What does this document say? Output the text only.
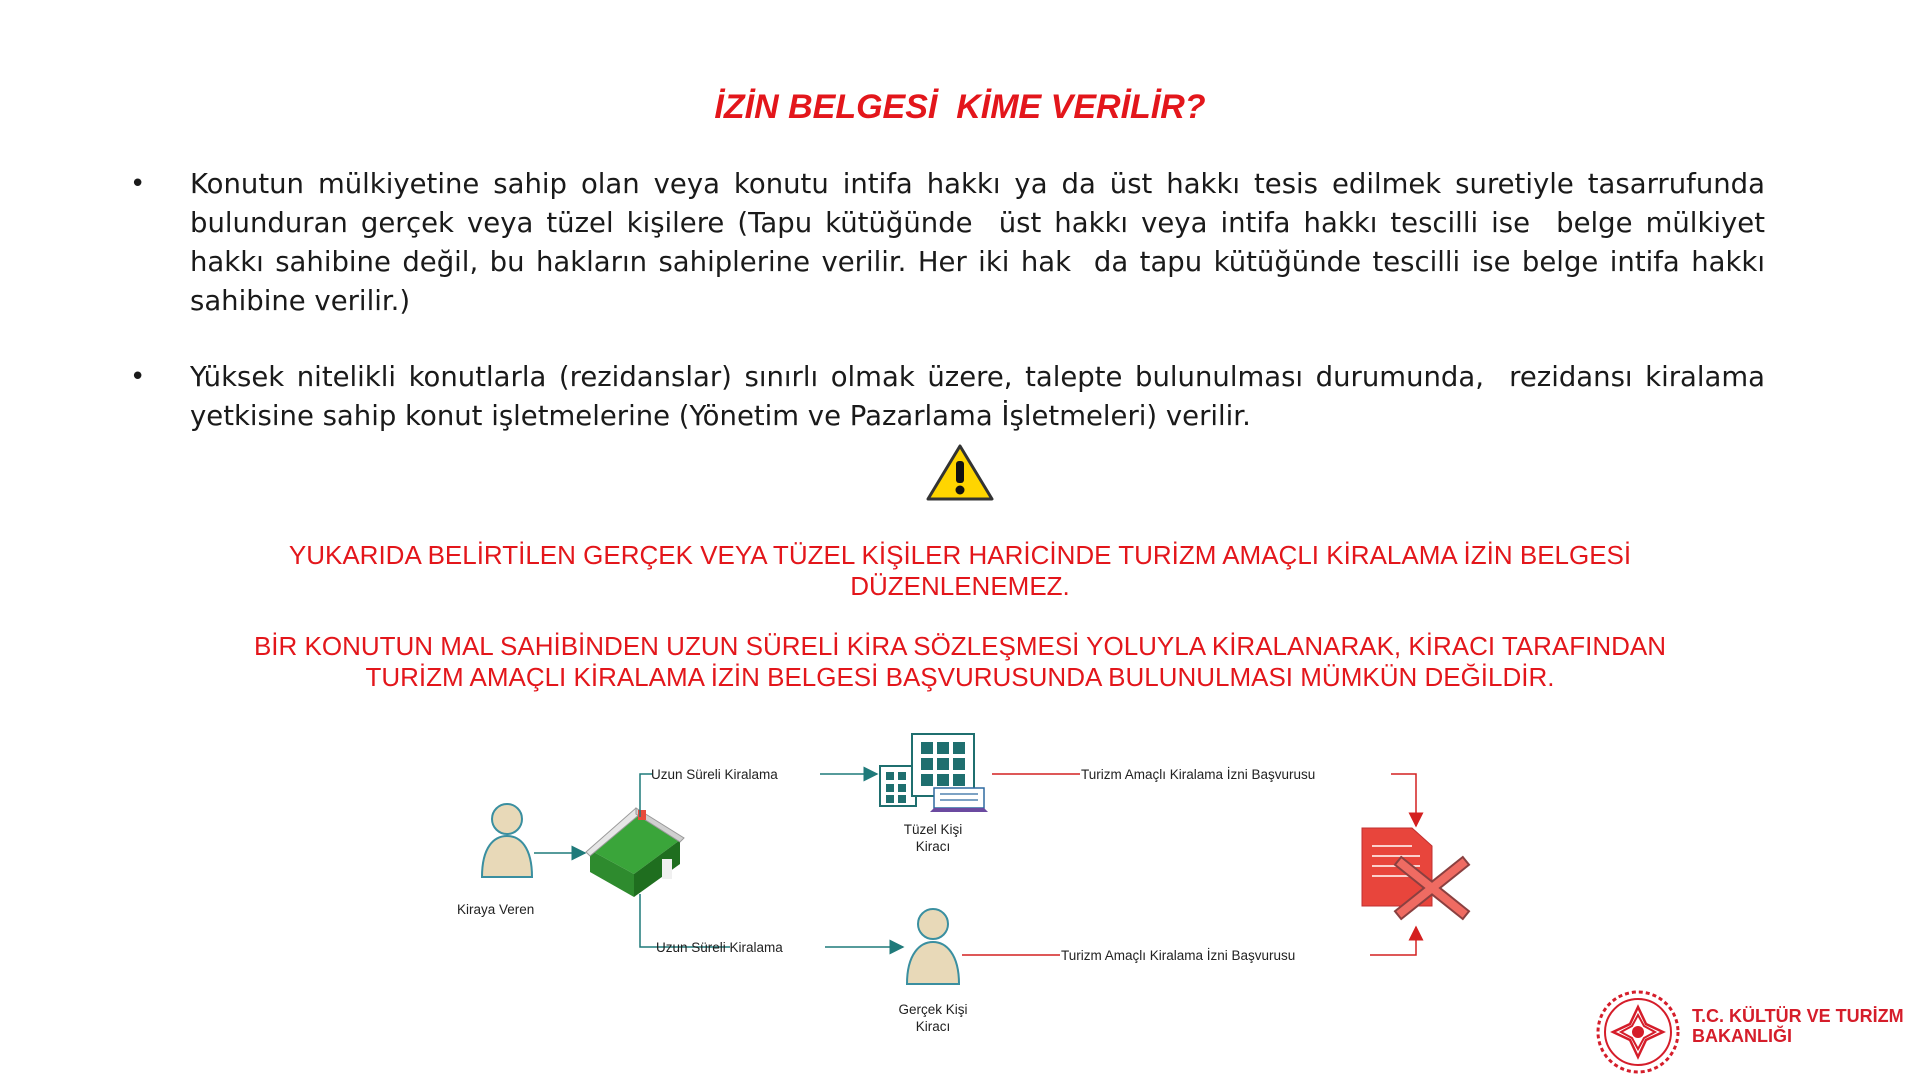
İZİN BELGESİ  KİME VERİLİR?
•	Konutun mülkiyetine sahip olan veya konutu intifa hakkı ya da üst hakkı tesis edilmek suretiyle tasarrufunda bulunduran gerçek veya tüzel kişilere (Tapu kütüğünde  üst hakkı veya intifa hakkı tescilli ise  belge mülkiyet hakkı sahibine değil, bu hakların sahiplerine verilir. Her iki hak  da tapu kütüğünde tescilli ise belge intifa hakkı sahibine verilir.)
•	Yüksek nitelikli konutlarla (rezidanslar) sınırlı olmak üzere, talepte bulunulması durumunda,  rezidansı kiralama yetkisine sahip konut işletmelerine (Yönetim ve Pazarlama İşletmeleri) verilir.
YUKARIDA BELİRTİLEN GERÇEK VEYA TÜZEL KİŞİLER HARİCİNDE TURİZM AMAÇLI KİRALAMA İZİN BELGESİ
DÜZENLENEMEZ.
BİR KONUTUN MAL SAHİBİNDEN UZUN SÜRELİ KİRA SÖZLEŞMESİ YOLUYLA KİRALANARAK, KİRACI TARAFINDAN
TURİZM AMAÇLI KİRALAMA İZİN BELGESİ BAŞVURUSUNDA BULUNULMASI MÜMKÜN DEĞİLDİR.
Kiraya Veren
Uzun Süreli Kiralama
Uzun Süreli Kiralama
Tüzel Kişi
Kiracı
Gerçek Kişi
Kiracı
Turizm Amaçlı Kiralama İzni Başvurusu
Turizm Amaçlı Kiralama İzni Başvurusu
T.C. KÜLTÜR VE TURİZM
BAKANLIĞI
